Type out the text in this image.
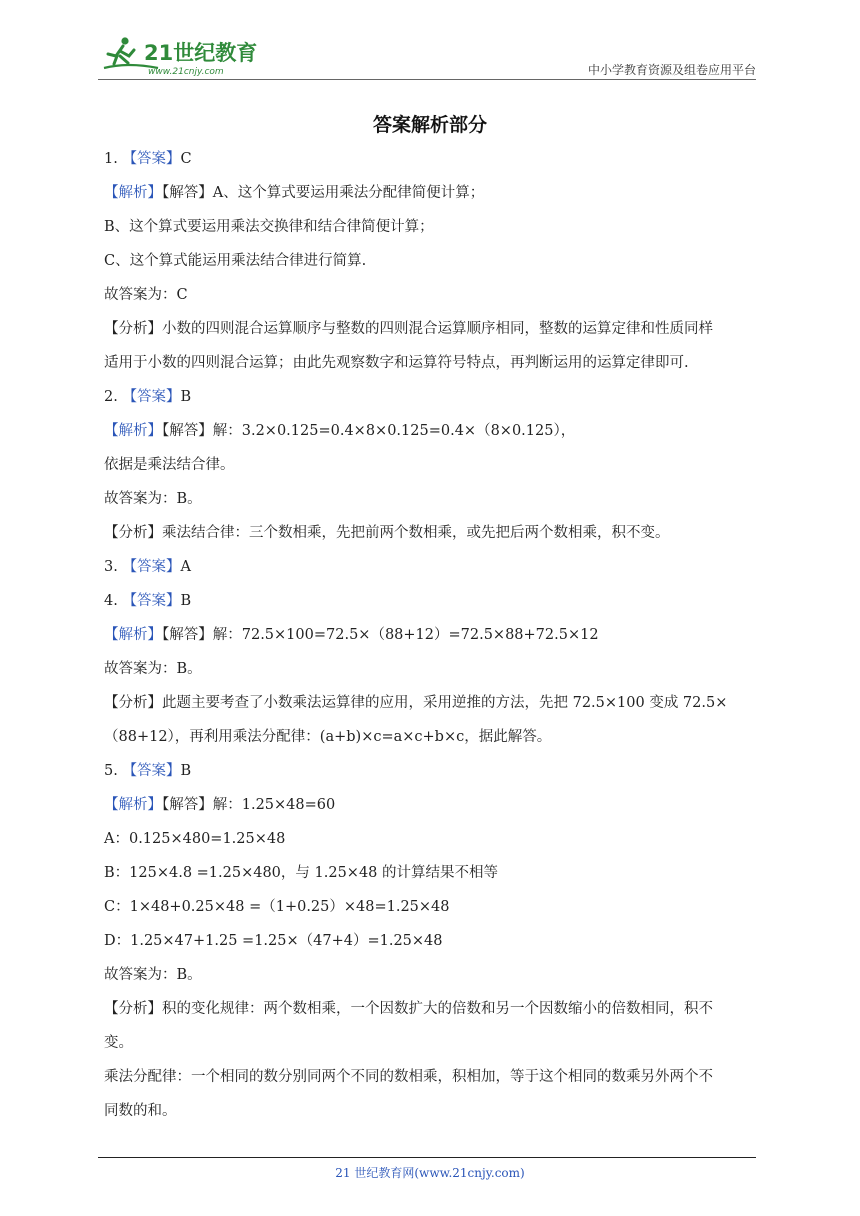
21世纪教育
www.21cnjy.com	中小学教育资源及组卷应用平台
答案解析部分
1. 【答案】C
【解析】【解答】A、这个算式要运用乘法分配律简便计算；
B、这个算式要运用乘法交换律和结合律简便计算；
C、这个算式能运用乘法结合律进行简算.
故答案为：C
【分析】小数的四则混合运算顺序与整数的四则混合运算顺序相同，整数的运算定律和性质同样
适用于小数的四则混合运算；由此先观察数字和运算符号特点，再判断运用的运算定律即可.
2. 【答案】B
【解析】【解答】解：3.2×0.125=0.4×8×0.125=0.4×（8×0.125），
依据是乘法结合律。
故答案为：B。
【分析】乘法结合律：三个数相乘，先把前两个数相乘，或先把后两个数相乘，积不变。
3. 【答案】A
4. 【答案】B
【解析】【解答】解：72.5×100=72.5×（88+12）=72.5×88+72.5×12
故答案为：B。
【分析】此题主要考查了小数乘法运算律的应用，采用逆推的方法，先把 72.5×100 变成 72.5×
（88+12），再利用乘法分配律：(a+b)×c=a×c+b×c，据此解答。
5. 【答案】B
【解析】【解答】解：1.25×48=60
A：0.125×480=1.25×48
B：125×4.8 =1.25×480，与 1.25×48 的计算结果不相等
C：1×48+0.25×48 =（1+0.25）×48=1.25×48
D：1.25×47+1.25 =1.25×（47+4）=1.25×48
故答案为：B。
【分析】积的变化规律：两个数相乘，一个因数扩大的倍数和另一个因数缩小的倍数相同，积不
变。
乘法分配律：一个相同的数分别同两个不同的数相乘，积相加，等于这个相同的数乘另外两个不
同数的和。
21 世纪教育网(www.21cnjy.com)
